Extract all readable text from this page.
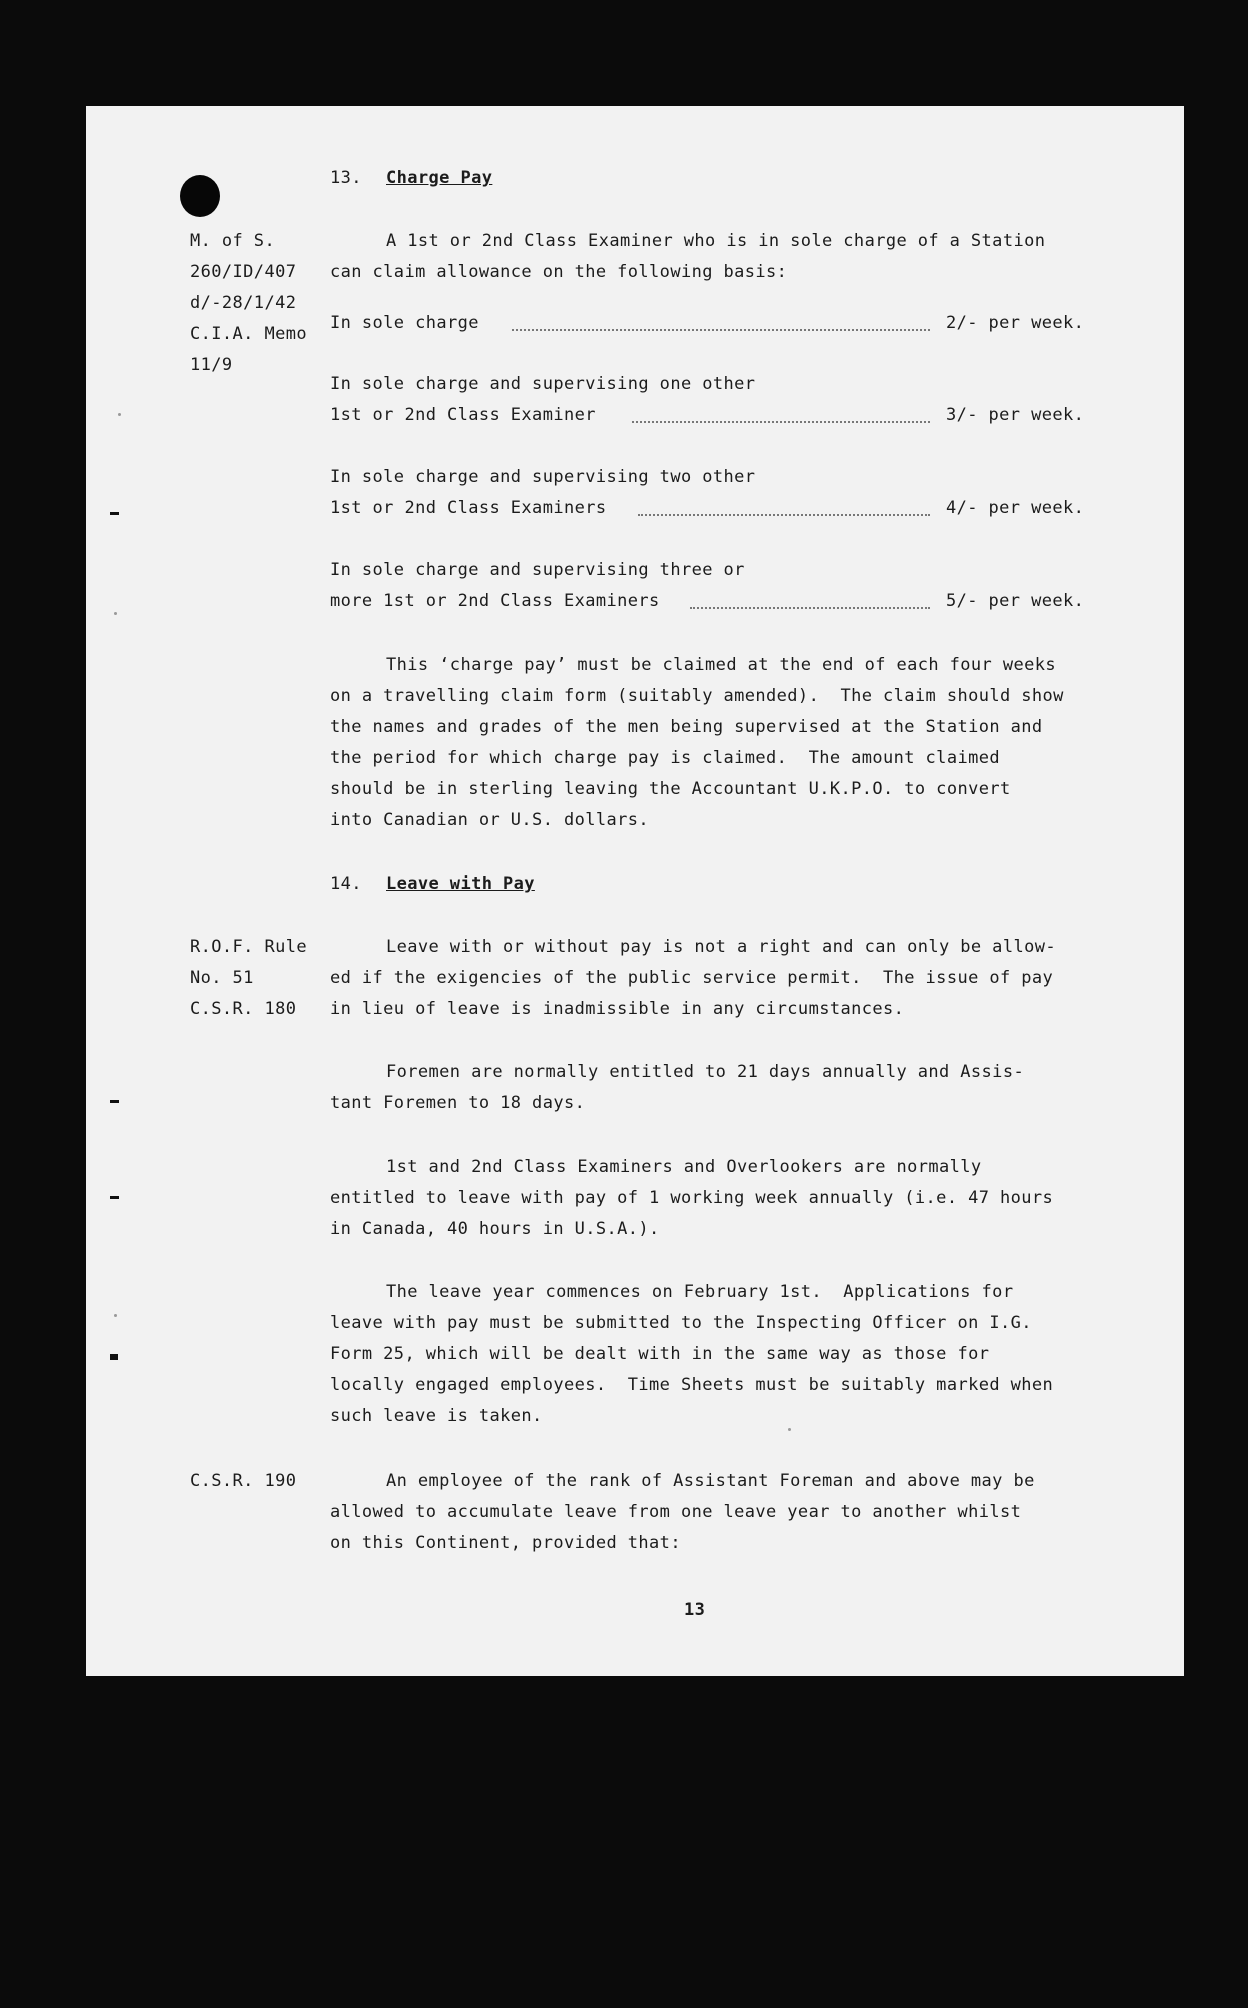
13. Charge Pay
M. of S.
260/ID/407
d/-28/1/42
C.I.A. Memo
11/9
A 1st or 2nd Class Examiner who is in sole charge of a Station
can claim allowance on the following basis:
In sole charge	2/- per week.
In sole charge and supervising one other
1st or 2nd Class Examiner	3/- per week.
In sole charge and supervising two other
1st or 2nd Class Examiners	4/- per week.
In sole charge and supervising three or
more 1st or 2nd Class Examiners	5/- per week.
This ‘charge pay’ must be claimed at the end of each four weeks
on a travelling claim form (suitably amended).  The claim should show
the names and grades of the men being supervised at the Station and
the period for which charge pay is claimed.  The amount claimed
should be in sterling leaving the Accountant U.K.P.O. to convert
into Canadian or U.S. dollars.
14. Leave with Pay
R.O.F. Rule
No. 51
C.S.R. 180
Leave with or without pay is not a right and can only be allow-
ed if the exigencies of the public service permit.  The issue of pay
in lieu of leave is inadmissible in any circumstances.
Foremen are normally entitled to 21 days annually and Assis-
tant Foremen to 18 days.
1st and 2nd Class Examiners and Overlookers are normally
entitled to leave with pay of 1 working week annually (i.e. 47 hours
in Canada, 40 hours in U.S.A.).
The leave year commences on February 1st.  Applications for
leave with pay must be submitted to the Inspecting Officer on I.G.
Form 25, which will be dealt with in the same way as those for
locally engaged employees.  Time Sheets must be suitably marked when
such leave is taken.
C.S.R. 190	An employee of the rank of Assistant Foreman and above may be
allowed to accumulate leave from one leave year to another whilst
on this Continent, provided that:
13
